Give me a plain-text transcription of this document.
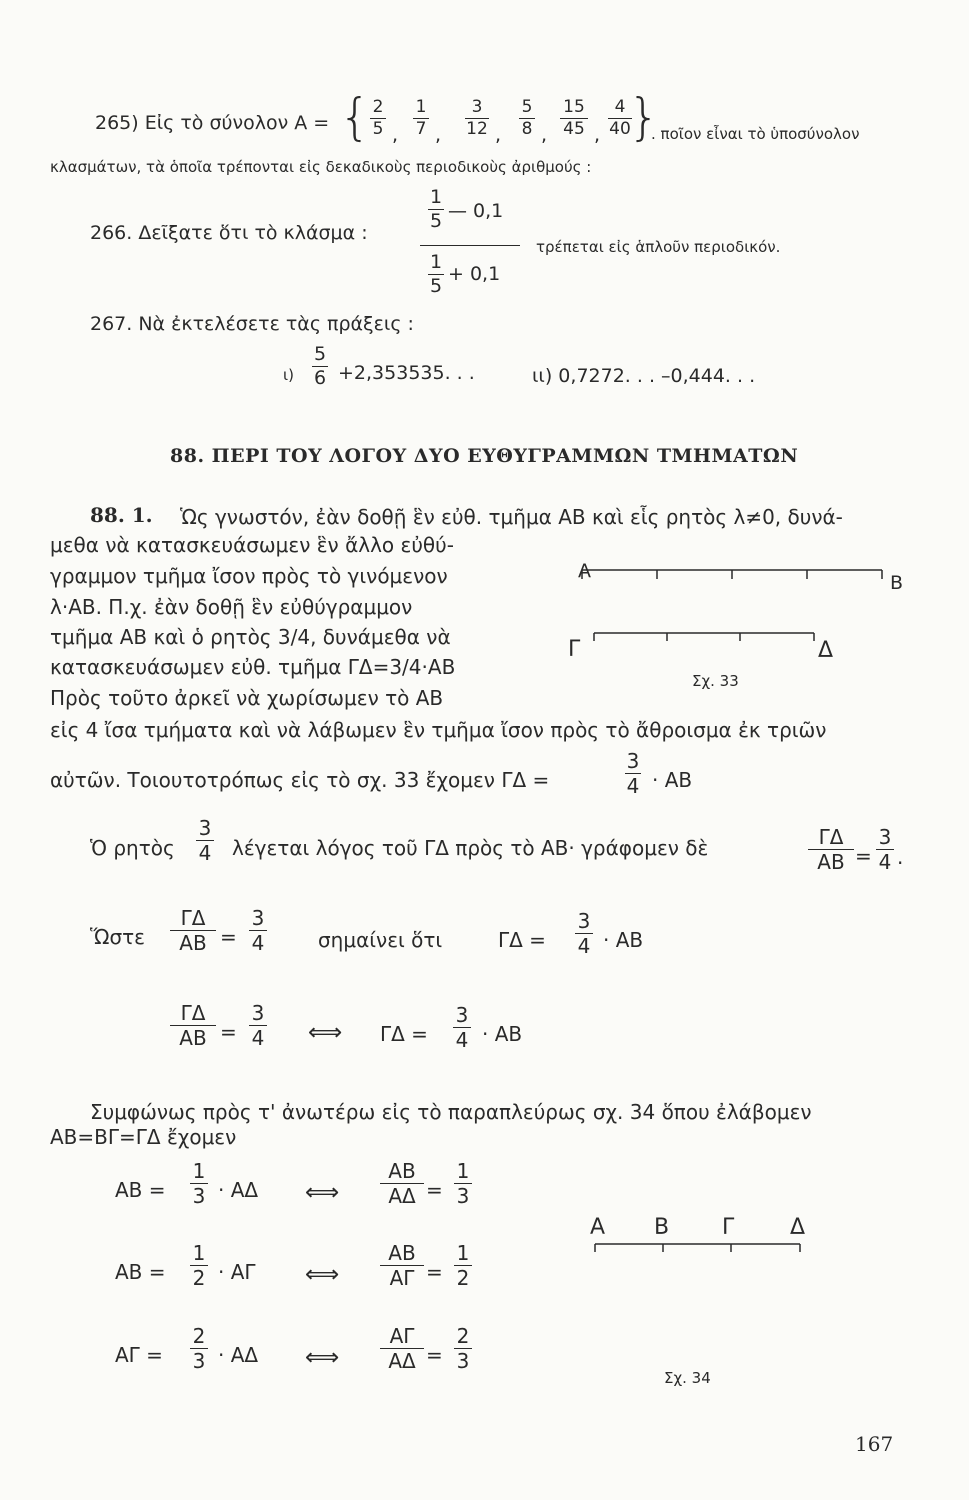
265) Εἰς τὸ σύνολον Α = { 2
5 ,
1
7 ,
3
12 ,
5
8 ,
15
45 ,
4
40
}
. ποῖον εἶναι τὸ ὑποσύνολον
κλασμάτων, τὰ ὁποῖα τρέπονται εἰς δεκαδικοὺς περιοδικοὺς ἀριθμούς :
266. Δεῖξατε ὅτι τὸ κλάσμα :
1
5 — 0,1
1
5
+ 0,1
τρέπεται εἰς ἁπλοῦν περιοδικόν.
267. Νὰ ἐκτελέσετε τὰς πράξεις :
ι)
5
6 +2,353535. . .	ιι) 0,7272. . . –0,444. . .
88. ΠΕΡΙ ΤΟΥ ΛΟΓΟΥ ΔΥΟ ΕΥΘΥΓΡΑΜΜΩΝ ΤΜΗΜΑΤΩΝ
88. 1. Ὡς γνωστόν, ἐὰν δοθῇ ἓν εὐθ. τμῆμα ΑΒ καὶ εἷς ρητὸς λ≠0, δυνά-
μεθα νὰ κατασκευάσωμεν ἓν ἄλλο εὐθύ-
γραμμον τμῆμα ἴσον πρὸς τὸ γινόμενον
λ·ΑΒ. Π.χ. ἐὰν δοθῇ ἓν εὐθύγραμμον
τμῆμα ΑΒ καὶ ὁ ρητὸς 3/4, δυνάμεθα νὰ
κατασκευάσωμεν εὐθ. τμῆμα ΓΔ=3/4·ΑΒ
Πρὸς τοῦτο ἀρκεῖ νὰ χωρίσωμεν τὸ ΑΒ
εἰς 4 ἴσα τμήματα καὶ νὰ λάβωμεν ἓν τμῆμα ἴσον πρὸς τὸ ἄθροισμα ἐκ τριῶν
αὐτῶν. Τοιουτοτρόπως εἰς τὸ σχ. 33 ἔχομεν ΓΔ =
3
4 · ΑΒ
Α
Β
Γ	Δ
Σχ. 33
Ὁ ρητὸς
3
4 λέγεται λόγος τοῦ ΓΔ πρὸς τὸ ΑΒ· γράφομεν δὲ	ΓΔ
ΑΒ =
3
4 .
Ὥστε
ΓΔ
ΑΒ =
3
4	σημαίνει ὅτι	ΓΔ =
3
4 · ΑΒ
ΓΔ
ΑΒ =
3
4 ⟺ ΓΔ =
3
4 · ΑΒ
Συμφώνως πρὸς τ' ἀνωτέρω εἰς τὸ παραπλεύρως σχ. 34 ὅπου ἐλάβομεν
ΑΒ=ΒΓ=ΓΔ ἔχομεν
ΑΒ =
1
3 · ΑΔ ⟺
ΑΒ
ΑΔ =
1
3
ΑΒ =
1
2 · ΑΓ ⟺
ΑΒ
ΑΓ =
1
2
ΑΓ =
2
3 · ΑΔ ⟺
ΑΓ
ΑΔ =
2
3
Α Β Γ	Δ
Σχ. 34
167
